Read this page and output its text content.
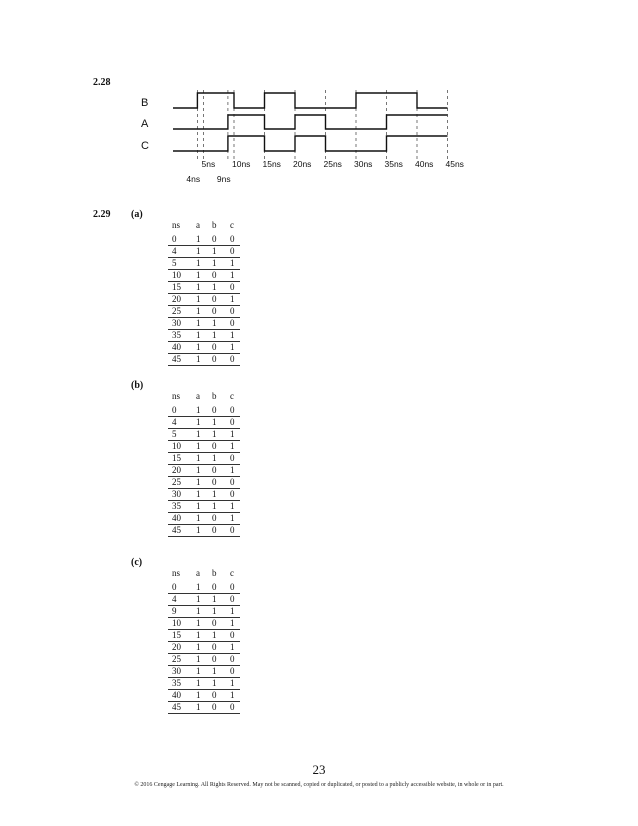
2.28
B
A
C
5ns 10ns 15ns 20ns 25ns 30ns 35ns 40ns 45ns
4ns 9ns
2.29 (a)
ns	a	b	c
0	1	0	0
4	1	1	0
5	1	1	1
10	1	0	1
15	1	1	0
20	1	0	1
25	1	0	0
30	1	1	0
35	1	1	1
40	1	0	1
45	1	0	0
(b)
ns	a	b	c
0	1	0	0
4	1	1	0
5	1	1	1
10	1	0	1
15	1	1	0
20	1	0	1
25	1	0	0
30	1	1	0
35	1	1	1
40	1	0	1
45	1	0	0
(c)
ns	a	b	c
0	1	0	0
4	1	1	0
9	1	1	1
10	1	0	1
15	1	1	0
20	1	0	1
25	1	0	0
30	1	1	0
35	1	1	1
40	1	0	1
45	1	0	0
23
© 2016 Cengage Learning. All Rights Reserved. May not be scanned, copied or duplicated, or posted to a publicly accessible website, in whole or in part.
